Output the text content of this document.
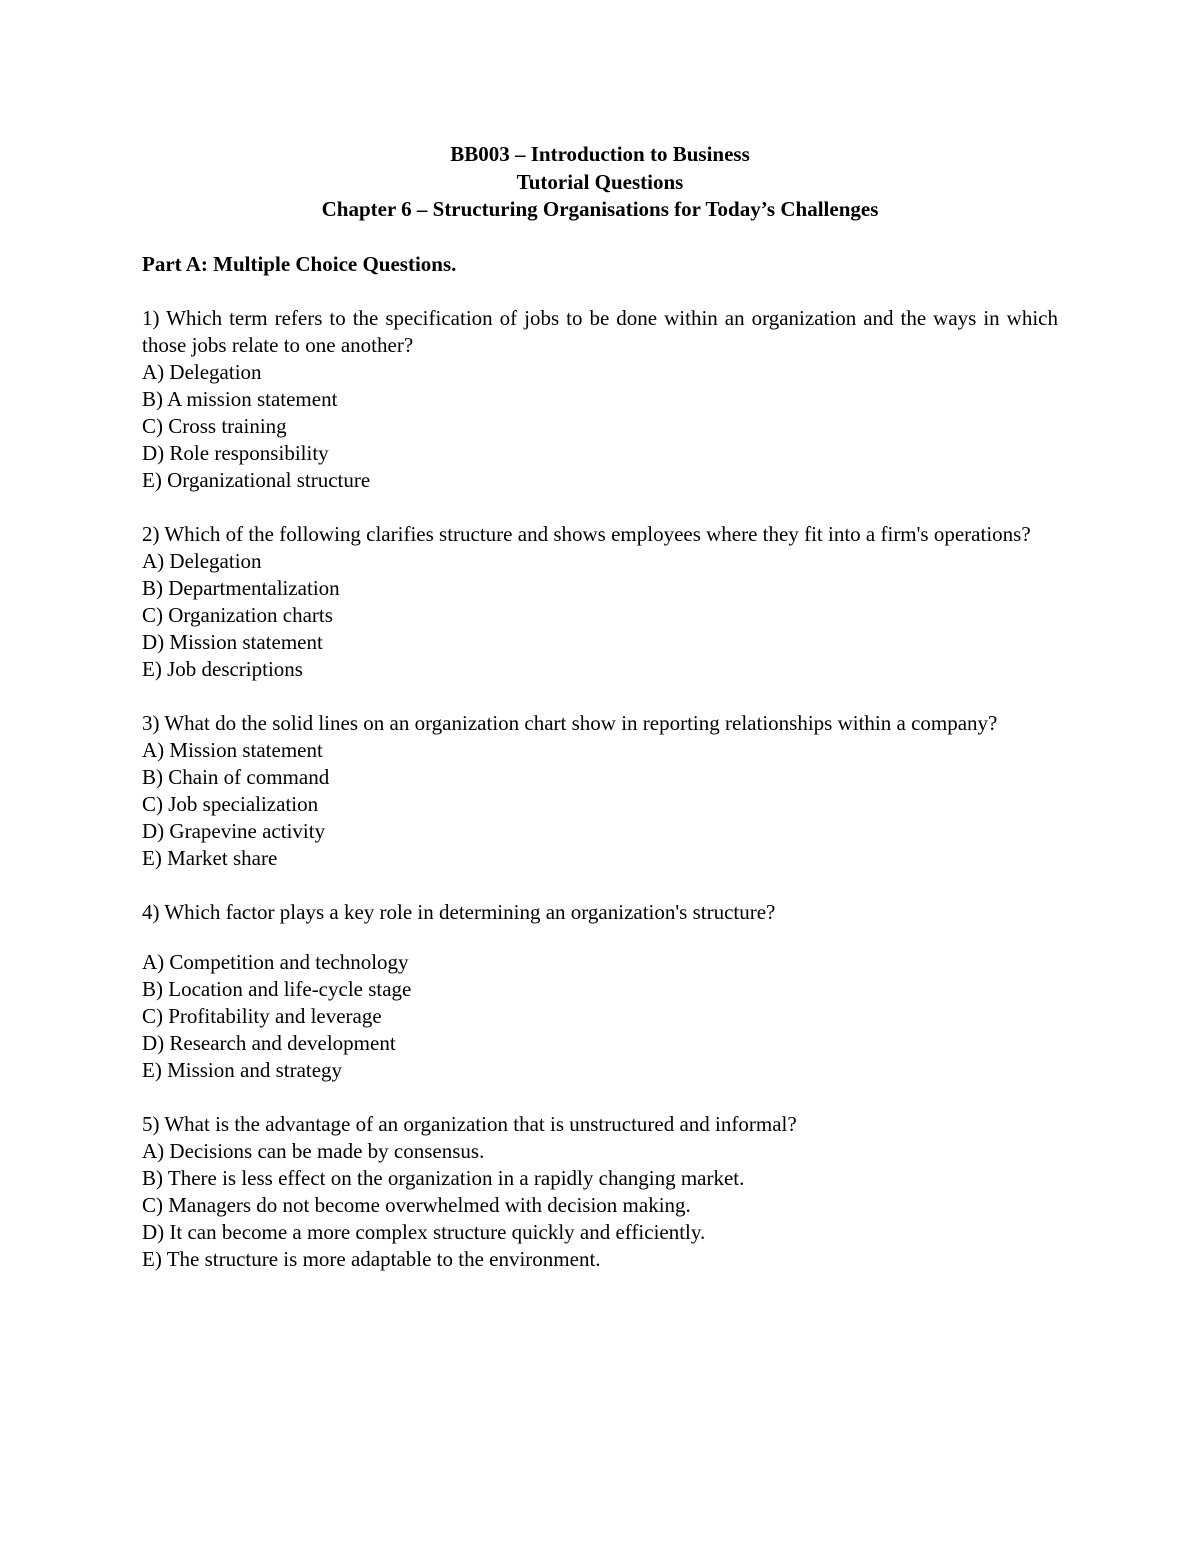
BB003 – Introduction to Business
Tutorial Questions
Chapter 6 – Structuring Organisations for Today’s Challenges
Part A: Multiple Choice Questions.

1) Which term refers to the specification of jobs to be done within an organization and the ways in which those jobs relate to one another?

A) Delegation
B) A mission statement
C) Cross training
D) Role responsibility
E) Organizational structure

2) Which of the following clarifies structure and shows employees where they fit into a firm's operations?

A) Delegation
B) Departmentalization
C) Organization charts
D) Mission statement
E) Job descriptions

3) What do the solid lines on an organization chart show in reporting relationships within a company?

A) Mission statement
B) Chain of command
C) Job specialization
D) Grapevine activity
E) Market share

4) Which factor plays a key role in determining an organization's structure?

A) Competition and technology
B) Location and life-cycle stage
C) Profitability and leverage
D) Research and development
E) Mission and strategy

5) What is the advantage of an organization that is unstructured and informal?

A) Decisions can be made by consensus.
B) There is less effect on the organization in a rapidly changing market.
C) Managers do not become overwhelmed with decision making.
D) It can become a more complex structure quickly and efficiently.
E) The structure is more adaptable to the environment.
